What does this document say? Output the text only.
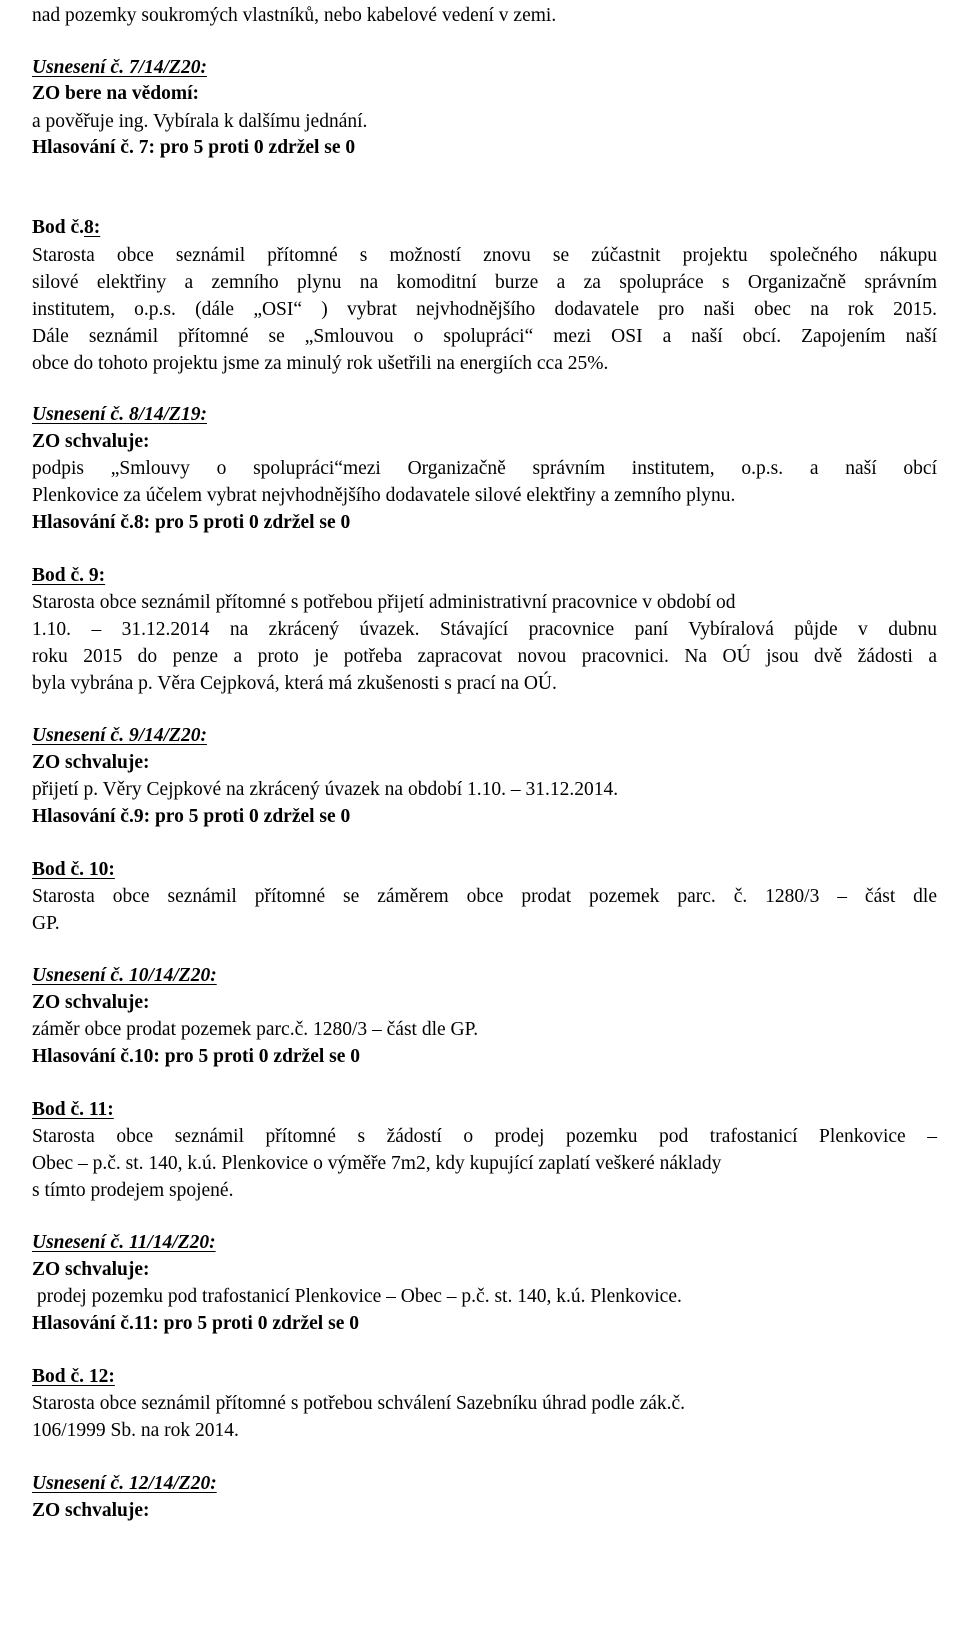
nad pozemky soukromých vlastníků, nebo kabelové vedení v zemi.
Usnesení č. 7/14/Z20:
ZO bere na vědomí:
a pověřuje ing. Vybírala k dalšímu jednání.
Hlasování č. 7: pro 5 proti 0 zdržel se 0
Bod č.8:
Starosta obce seznámil přítomné s možností znovu se zúčastnit projektu společného nákupu
silové elektřiny a zemního plynu na komoditní burze a za spolupráce s Organizačně správním
institutem, o.p.s. (dále „OSI“ ) vybrat nejvhodnějšího dodavatele pro naši obec na rok 2015.
Dále seznámil přítomné se „Smlouvou o spolupráci“ mezi OSI a naší obcí. Zapojením naší
obce do tohoto projektu jsme za minulý rok ušetřili na energiích cca 25%.
Usnesení č. 8/14/Z19:
ZO schvaluje:
podpis „Smlouvy o spolupráci“mezi Organizačně správním institutem, o.p.s. a naší obcí
Plenkovice za účelem vybrat nejvhodnějšího dodavatele silové elektřiny a zemního plynu.
Hlasování č.8: pro 5 proti 0 zdržel se 0
Bod č. 9:
Starosta obce seznámil přítomné s potřebou přijetí administrativní pracovnice v období od
1.10. – 31.12.2014 na zkrácený úvazek. Stávající pracovnice paní Vybíralová půjde v dubnu
roku 2015 do penze a proto je potřeba zapracovat novou pracovnici. Na OÚ jsou dvě žádosti a
byla vybrána p. Věra Cejpková, která má zkušenosti s prací na OÚ.
Usnesení č. 9/14/Z20:
ZO schvaluje:
přijetí p. Věry Cejpkové na zkrácený úvazek na období 1.10. – 31.12.2014.
Hlasování č.9: pro 5 proti 0 zdržel se 0
Bod č. 10:
Starosta obce seznámil přítomné se záměrem obce prodat pozemek parc. č. 1280/3 – část dle
GP.
Usnesení č. 10/14/Z20:
ZO schvaluje:
záměr obce prodat pozemek parc.č. 1280/3 – část dle GP.
Hlasování č.10: pro 5 proti 0 zdržel se 0
Bod č. 11:
Starosta obce seznámil přítomné s žádostí o prodej pozemku pod trafostanicí Plenkovice –
Obec – p.č. st. 140, k.ú. Plenkovice o výměře 7m2, kdy kupující zaplatí veškeré náklady
s tímto prodejem spojené.
Usnesení č. 11/14/Z20:
ZO schvaluje:
prodej pozemku pod trafostanicí Plenkovice – Obec – p.č. st. 140, k.ú. Plenkovice.
Hlasování č.11: pro 5 proti 0 zdržel se 0
Bod č. 12:
Starosta obce seznámil přítomné s potřebou schválení Sazebníku úhrad podle zák.č.
106/1999 Sb. na rok 2014.
Usnesení č. 12/14/Z20:
ZO schvaluje:
